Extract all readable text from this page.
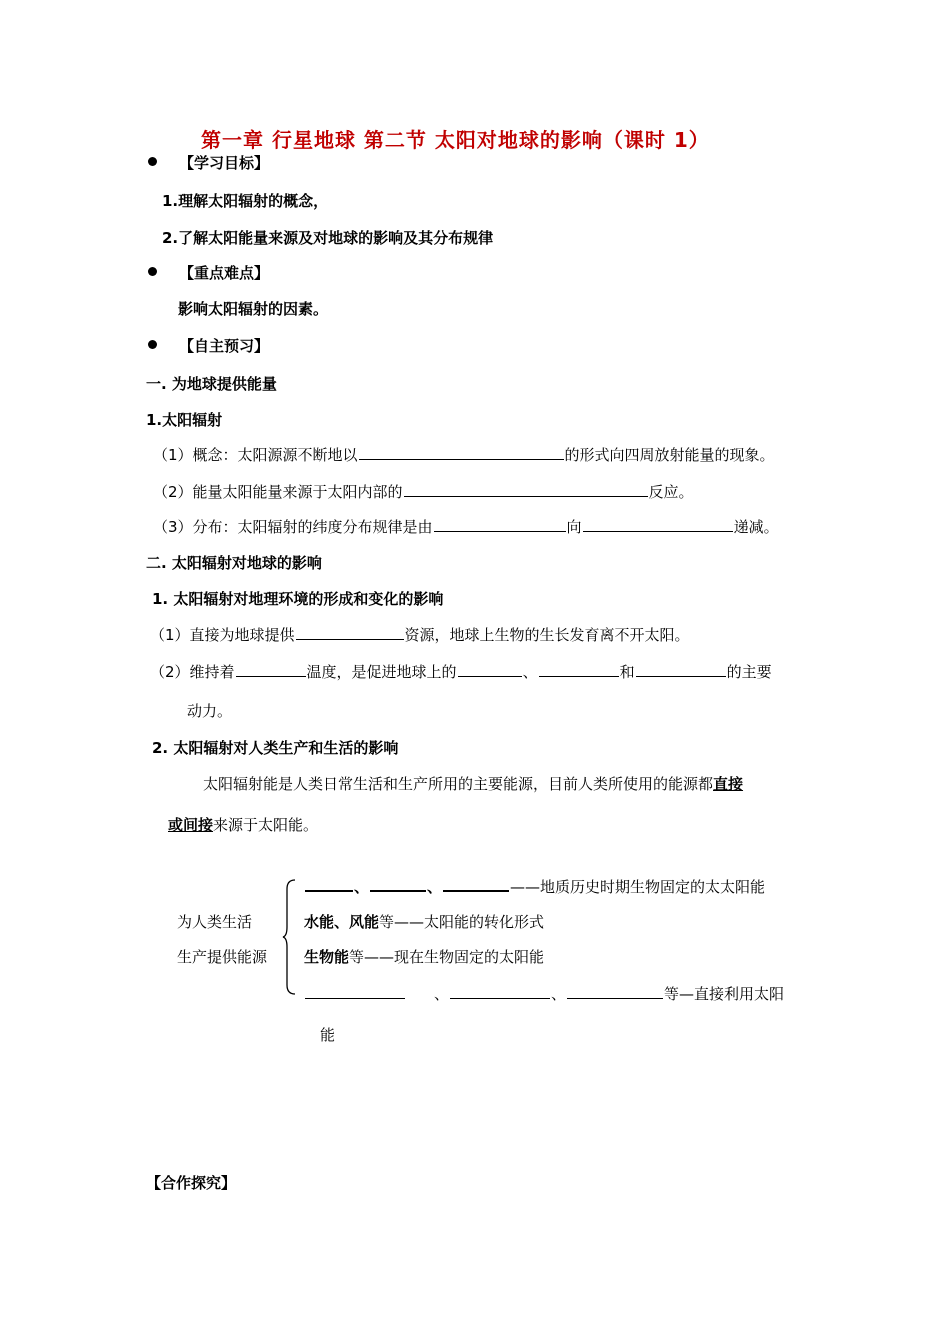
第一章 行星地球 第二节 太阳对地球的影响（课时 1）
【学习目标】
1.理解太阳辐射的概念，
2.了解太阳能量来源及对地球的影响及其分布规律
【重点难点】
影响太阳辐射的因素。
【自主预习】
一. 为地球提供能量
1.太阳辐射
（1）概念：太阳源源不断地以	的形式向四周放射能量的现象。
（2）能量太阳能量来源于太阳内部的	反应。
（3）分布：太阳辐射的纬度分布规律是由	向	递减。
二. 太阳辐射对地球的影响
1. 太阳辐射对地理环境的形成和变化的影响
（1）直接为地球提供	资源，地球上生物的生长发育离不开太阳。
（2）维持着	温度，是促进地球上的	、	和	的主要
动力。
2. 太阳辐射对人类生产和生活的影响
太阳辐射能是人类日常生活和生产所用的主要能源，目前人类所使用的能源都直接
或间接来源于太阳能。
为人类生活
生产提供能源
、	、	——地质历史时期生物固定的太太阳能
水能、风能等——太阳能的转化形式
生物能等——现在生物固定的太阳能
、	、	等—直接利用太阳
能
【合作探究】
